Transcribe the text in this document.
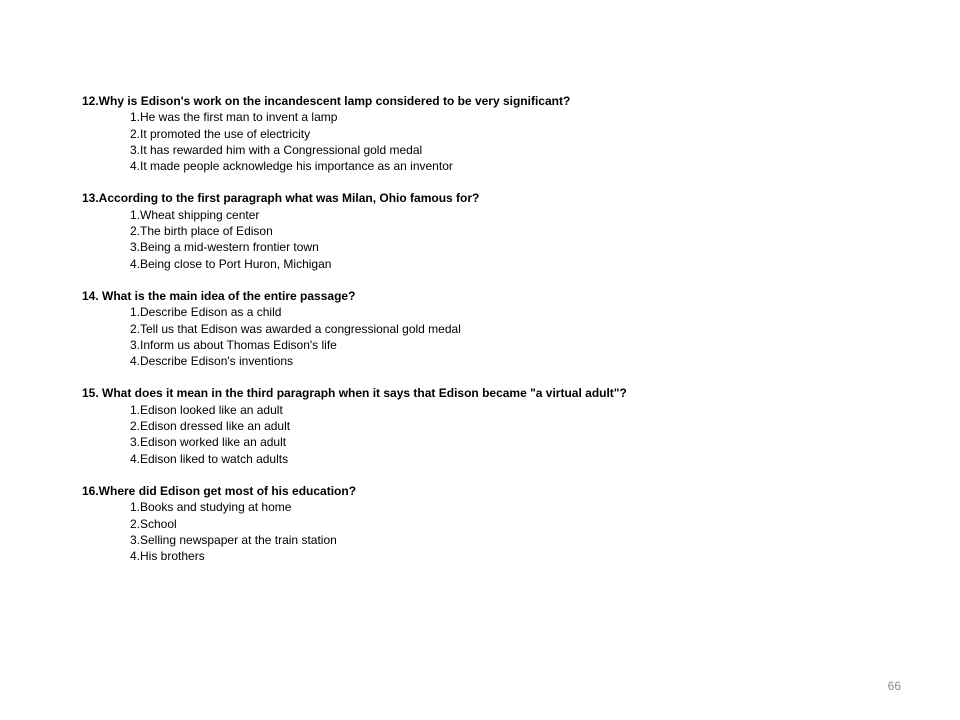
12.Why is Edison's work on the incandescent lamp considered to be very significant?
1.He was the first man to invent a lamp
2.It promoted the use of electricity
3.It has rewarded him with a Congressional gold medal
4.It made people acknowledge his importance as an inventor
13.According to the first paragraph what was Milan, Ohio famous for?
1.Wheat shipping center
2.The birth place of Edison
3.Being a mid-western frontier town
4.Being close to Port Huron, Michigan
14. What is the main idea of the entire passage?
1.Describe Edison as a child
2.Tell us that Edison was awarded a congressional gold medal
3.Inform us about Thomas Edison's life
4.Describe Edison's inventions
15. What does it mean in the third paragraph when it says that Edison became "a virtual adult"?
1.Edison looked like an adult
2.Edison dressed like an adult
3.Edison worked like an adult
4.Edison liked to watch adults
16.Where did Edison get most of his education?
1.Books and studying at home
2.School
3.Selling newspaper at the train station
4.His brothers
66
